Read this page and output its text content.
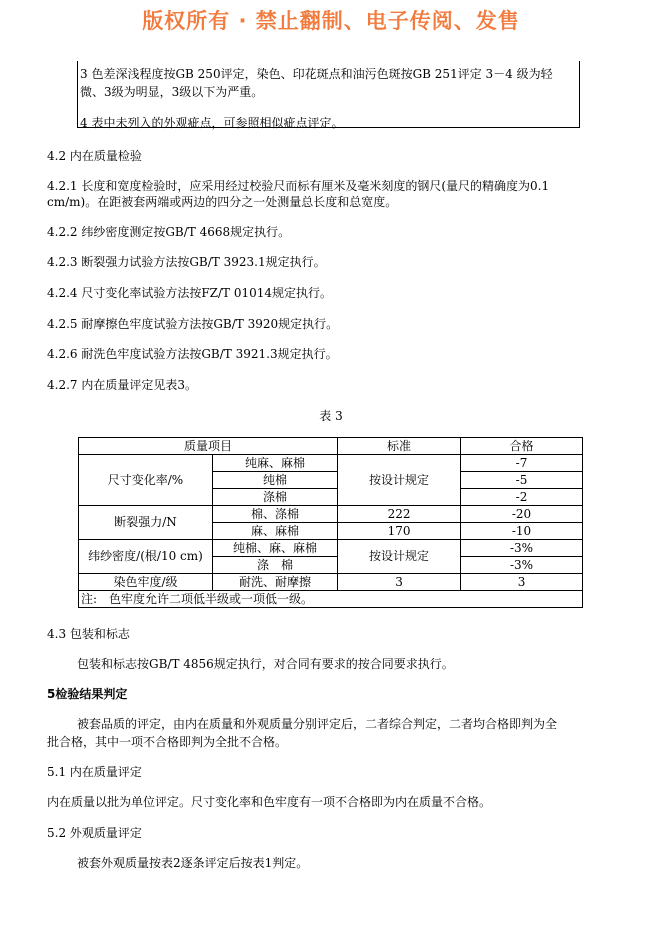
版权所有 · 禁止翻制、电子传阅、发售
3 色差深浅程度按GB 250评定，染色、印花斑点和油污色斑按GB 251评定 3－4 级为轻
微、3级为明显，3级以下为严重。
4 表中未列入的外观疵点，可参照相似疵点评定。
4.2 内在质量检验
4.2.1 长度和宽度检验时，应采用经过校验尺而标有厘米及毫米刻度的钢尺(量尺的精确度为0.1
cm/m)。在距被套两端或两边的四分之一处测量总长度和总宽度。
4.2.2 纬纱密度测定按GB/T 4668规定执行。
4.2.3 断裂强力试验方法按GB/T 3923.1规定执行。
4.2.4 尺寸变化率试验方法按FZ/T 01014规定执行。
4.2.5 耐摩擦色牢度试验方法按GB/T 3920规定执行。
4.2.6 耐洗色牢度试验方法按GB/T 3921.3规定执行。
4.2.7 内在质量评定见表3。
表 3
质量项目		标准	合格
尺寸变化率/%	纯麻、麻棉	按设计规定	-7
	纯棉		-5
	涤棉		-2
断裂强力/N	棉、涤棉	222	-20
	麻、麻棉	170	-10
纬纱密度/(根/10 cm)	纯棉、麻、麻棉	按设计规定	-3%
	涤　棉		-3%
染色牢度/级	耐洗、耐摩擦	3	3
注:　色牢度允许二项低半级或一项低一级。			
4.3 包装和标志
包装和标志按GB/T 4856规定执行，对合同有要求的按合同要求执行。
5检验结果判定
被套品质的评定，由内在质量和外观质量分别评定后，二者综合判定，二者均合格即判为全
批合格，其中一项不合格即判为全批不合格。
5.1 内在质量评定
内在质量以批为单位评定。尺寸变化率和色牢度有一项不合格即为内在质量不合格。
5.2 外观质量评定
被套外观质量按表2逐条评定后按表1判定。
